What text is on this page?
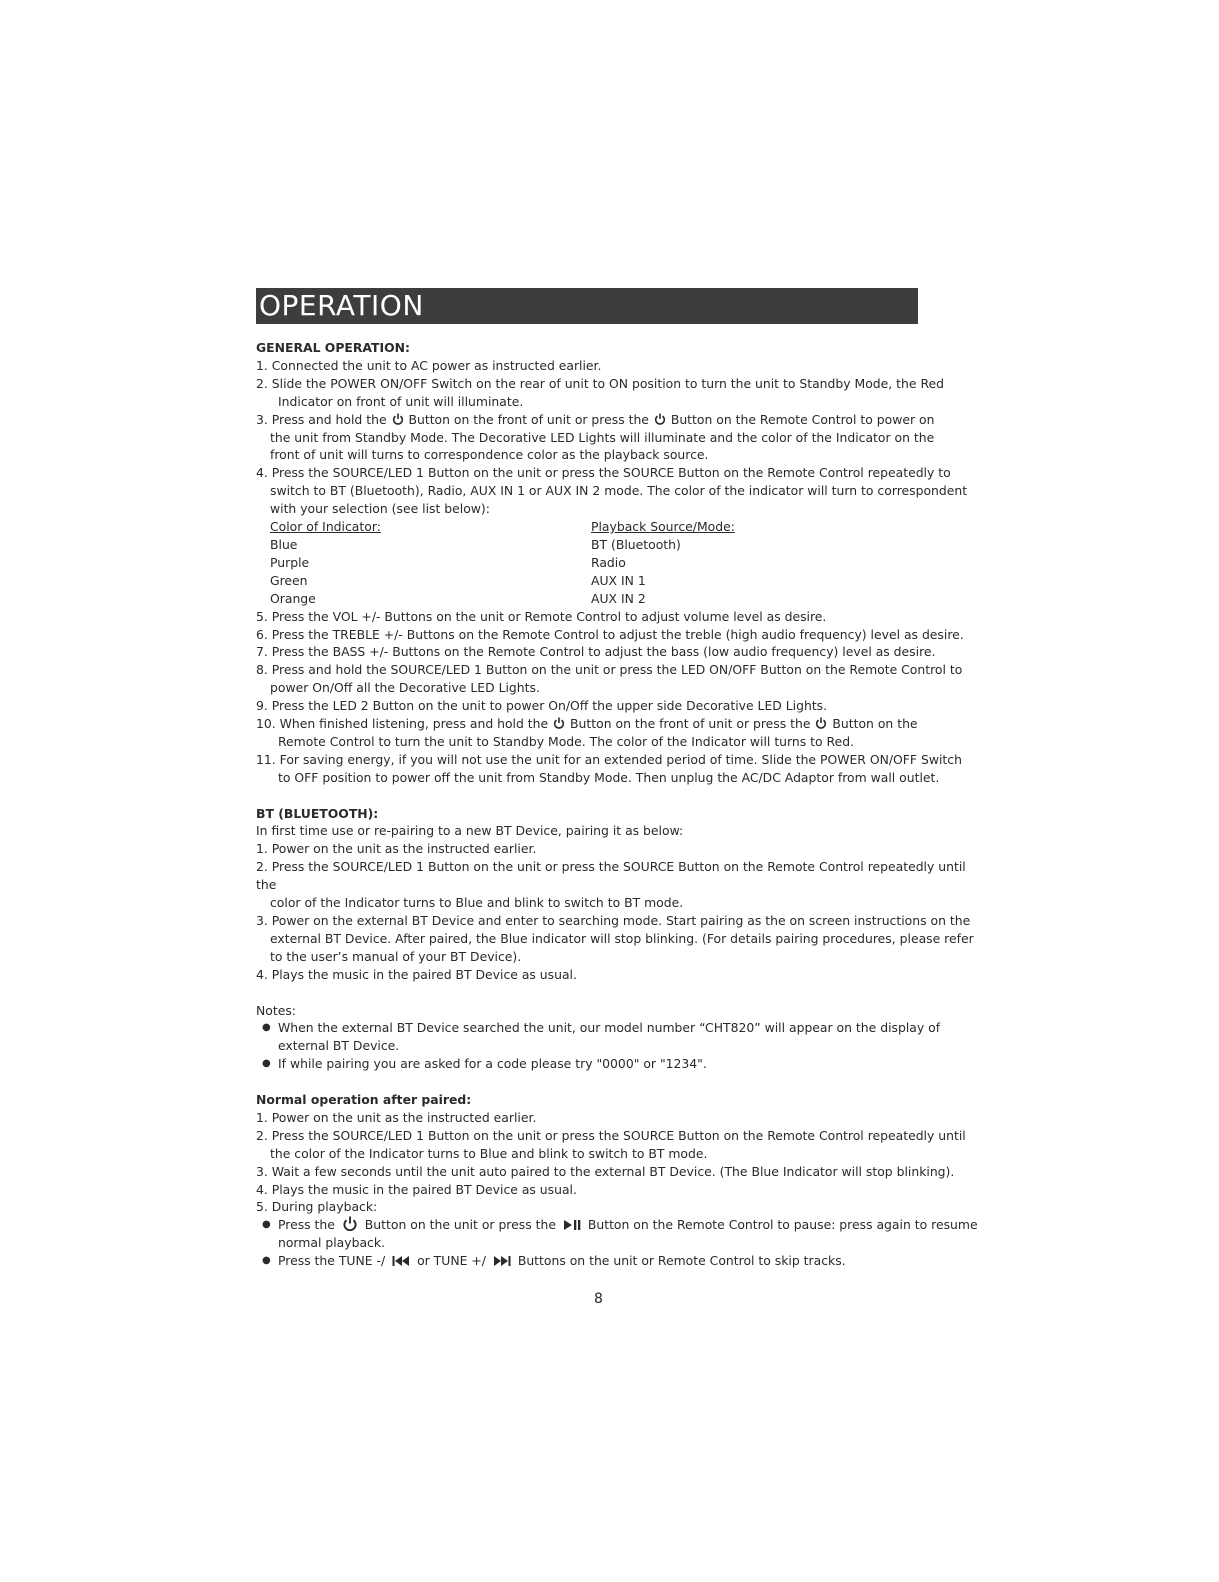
OPERATION
GENERAL OPERATION:
1. Connected the unit to AC power as instructed earlier.
2. Slide the POWER ON/OFF Switch on the rear of unit to ON position to turn the unit to Standby Mode, the Red
Indicator on front of unit will illuminate.
3. Press and hold the Button on the front of unit or press the Button on the Remote Control to power on
the unit from Standby Mode. The Decorative LED Lights will illuminate and the color of the Indicator on the
front of unit will turns to correspondence color as the playback source.
4. Press the SOURCE/LED 1 Button on the unit or press the SOURCE Button on the Remote Control repeatedly to
switch to BT (Bluetooth), Radio, AUX IN 1 or AUX IN 2 mode. The color of the indicator will turn to correspondent
with your selection (see list below):
Color of Indicator:	Playback Source/Mode:
Blue	BT (Bluetooth)
Purple	Radio
Green	AUX IN 1
Orange	AUX IN 2
5. Press the VOL +/- Buttons on the unit or Remote Control to adjust volume level as desire.
6. Press the TREBLE +/- Buttons on the Remote Control to adjust the treble (high audio frequency) level as desire.
7. Press the BASS +/- Buttons on the Remote Control to adjust the bass (low audio frequency) level as desire.
8. Press and hold the SOURCE/LED 1 Button on the unit or press the LED ON/OFF Button on the Remote Control to
power On/Off all the Decorative LED Lights.
9. Press the LED 2 Button on the unit to power On/Off the upper side Decorative LED Lights.
10. When finished listening, press and hold the Button on the front of unit or press the Button on the
Remote Control to turn the unit to Standby Mode. The color of the Indicator will turns to Red.
11. For saving energy, if you will not use the unit for an extended period of time. Slide the POWER ON/OFF Switch
to OFF position to power off the unit from Standby Mode. Then unplug the AC/DC Adaptor from wall outlet.
BT (BLUETOOTH):
In first time use or re-pairing to a new BT Device, pairing it as below:
1. Power on the unit as the instructed earlier.
2. Press the SOURCE/LED 1 Button on the unit or press the SOURCE Button on the Remote Control repeatedly until the
color of the Indicator turns to Blue and blink to switch to BT mode.
3. Power on the external BT Device and enter to searching mode. Start pairing as the on screen instructions on the
external BT Device. After paired, the Blue indicator will stop blinking. (For details pairing procedures, please refer
to the user’s manual of your BT Device).
4. Plays the music in the paired BT Device as usual.
Notes:
● When the external BT Device searched the unit, our model number “CHT820” will appear on the display of
external BT Device.
● If while pairing you are asked for a code please try "0000" or "1234".
Normal operation after paired:
1. Power on the unit as the instructed earlier.
2. Press the SOURCE/LED 1 Button on the unit or press the SOURCE Button on the Remote Control repeatedly until
the color of the Indicator turns to Blue and blink to switch to BT mode.
3. Wait a few seconds until the unit auto paired to the external BT Device. (The Blue Indicator will stop blinking).
4. Plays the music in the paired BT Device as usual.
5. During playback:
● Press the Button on the unit or press the	Button on the Remote Control to pause: press again to resume
normal playback.
● Press the TUNE -/	or TUNE +/	Buttons on the unit or Remote Control to skip tracks.
8
